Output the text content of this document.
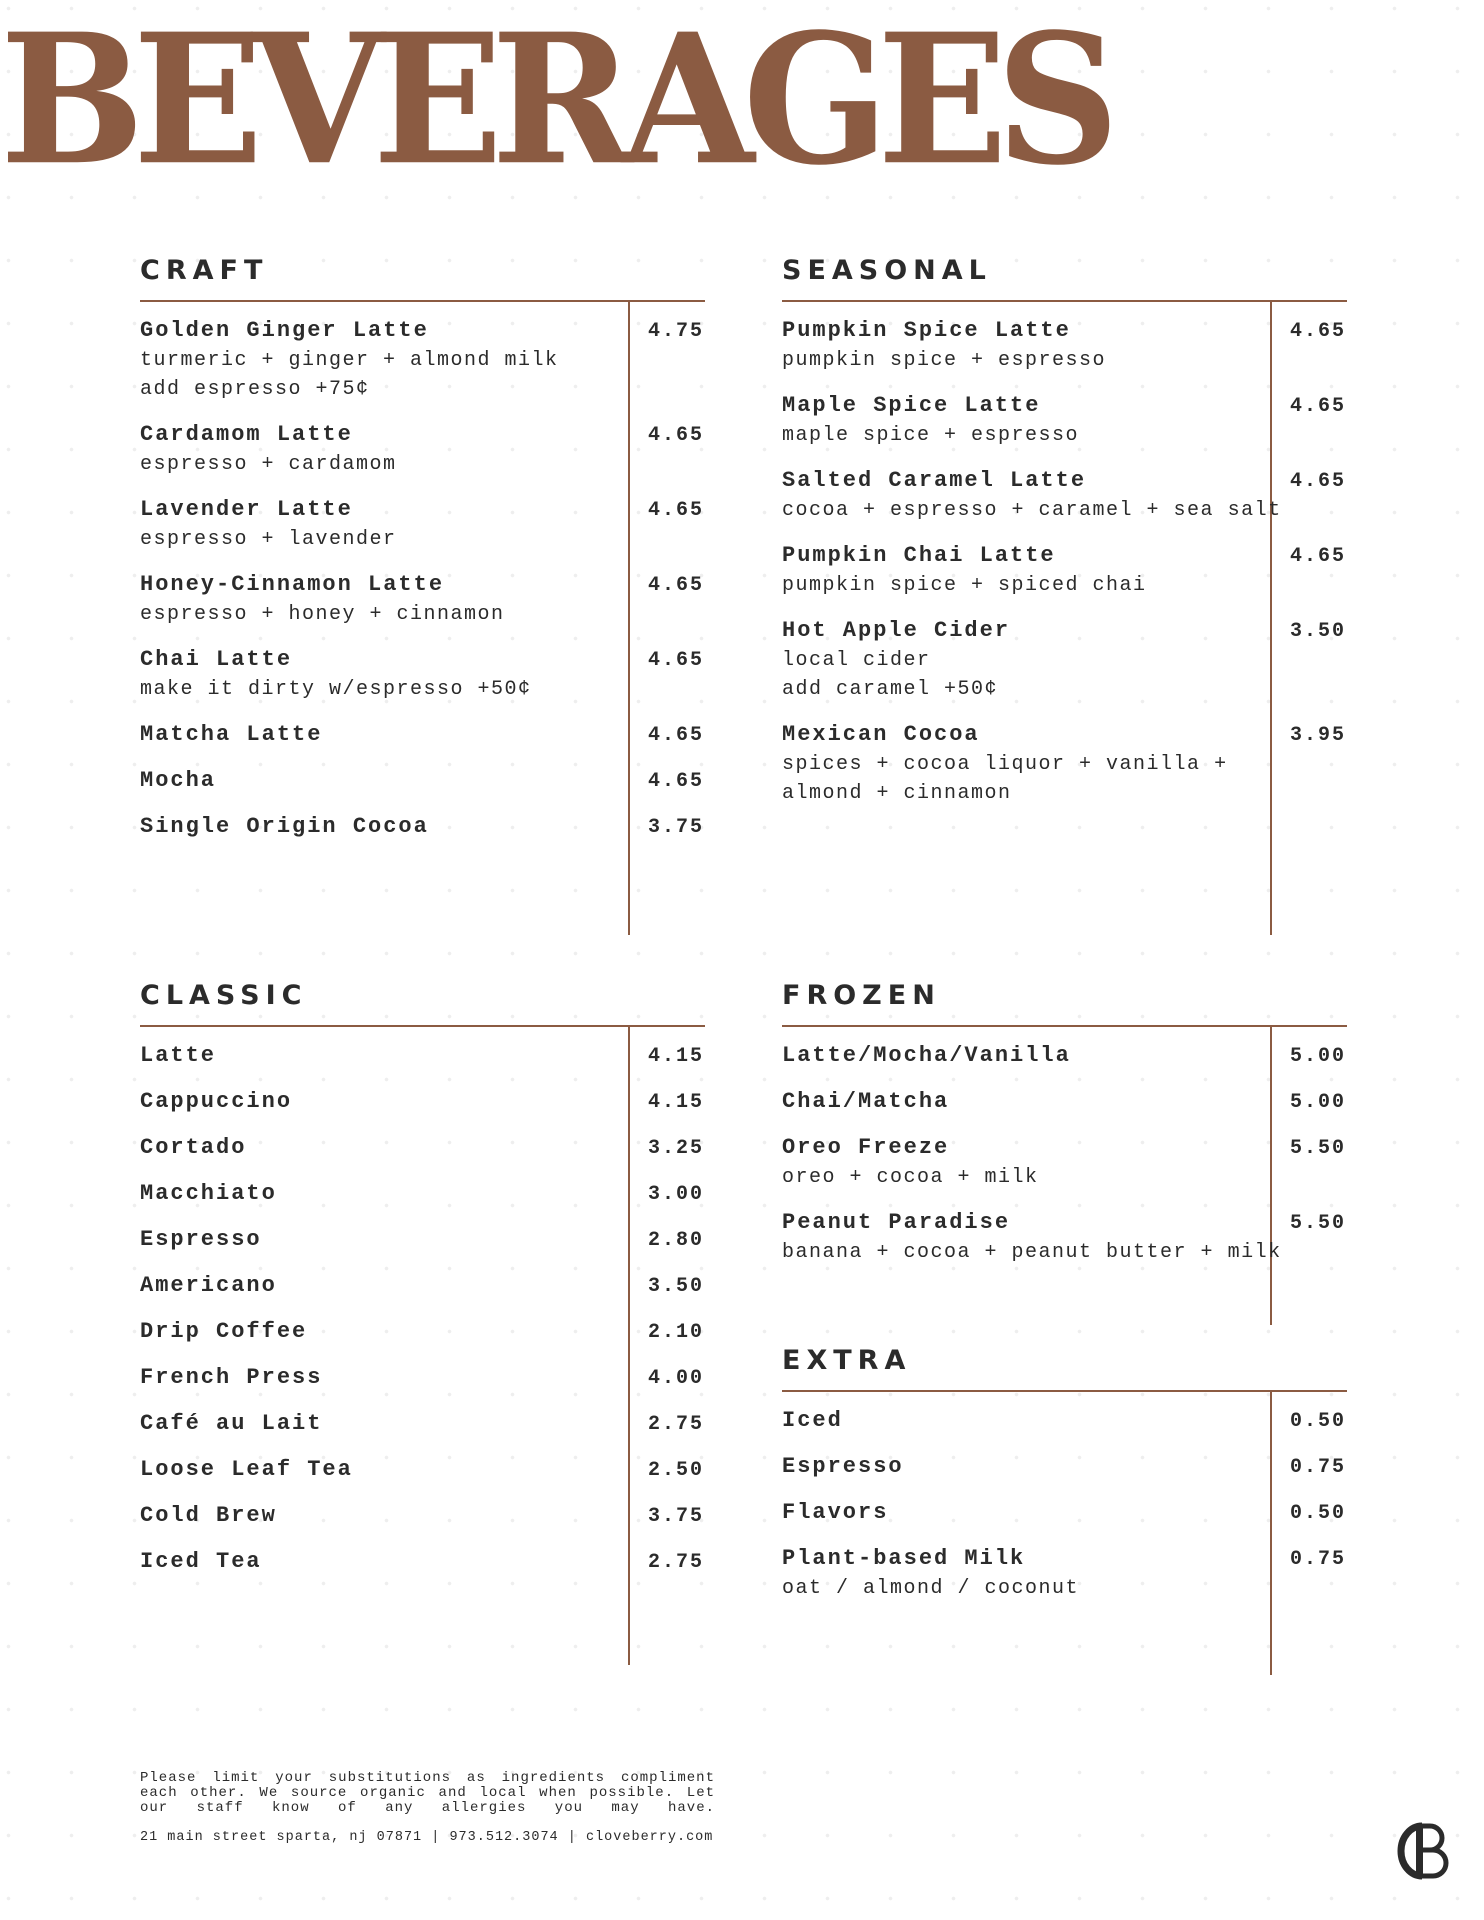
BEVERAGES
CRAFT
Golden Ginger Latte
turmeric + ginger + almond milk
add espresso +75¢
4.75
Cardamom Latte
espresso + cardamom
4.65
Lavender Latte
espresso + lavender
4.65
Honey-Cinnamon Latte
espresso + honey + cinnamon
4.65
Chai Latte
make it dirty w/espresso +50¢
4.65
Matcha Latte	4.65
Mocha	4.65
Single Origin Cocoa	3.75
SEASONAL
Pumpkin Spice Latte
pumpkin spice + espresso
4.65
Maple Spice Latte
maple spice + espresso
4.65
Salted Caramel Latte
cocoa + espresso + caramel + sea salt
4.65
Pumpkin Chai Latte
pumpkin spice + spiced chai
4.65
Hot Apple Cider
local cider
add caramel +50¢
3.50
Mexican Cocoa
spices + cocoa liquor + vanilla +
almond + cinnamon
3.95
CLASSIC
Latte	4.15
Cappuccino	4.15
Cortado	3.25
Macchiato	3.00
Espresso	2.80
Americano	3.50
Drip Coffee	2.10
French Press	4.00
Café au Lait	2.75
Loose Leaf Tea	2.50
Cold Brew	3.75
Iced Tea	2.75
FROZEN
Latte/Mocha/Vanilla	5.00
Chai/Matcha	5.00
Oreo Freeze
oreo + cocoa + milk
5.50
Peanut Paradise
banana + cocoa + peanut butter + milk
5.50
EXTRA
Iced	0.50
Espresso	0.75
Flavors	0.50
Plant-based Milk
oat / almond / coconut
0.75
Please limit your substitutions as ingredients compliment each other. We source organic and local when possible. Let our staff know of any allergies you may have.
21 main street sparta, nj 07871 | 973.512.3074 | cloveberry.com
